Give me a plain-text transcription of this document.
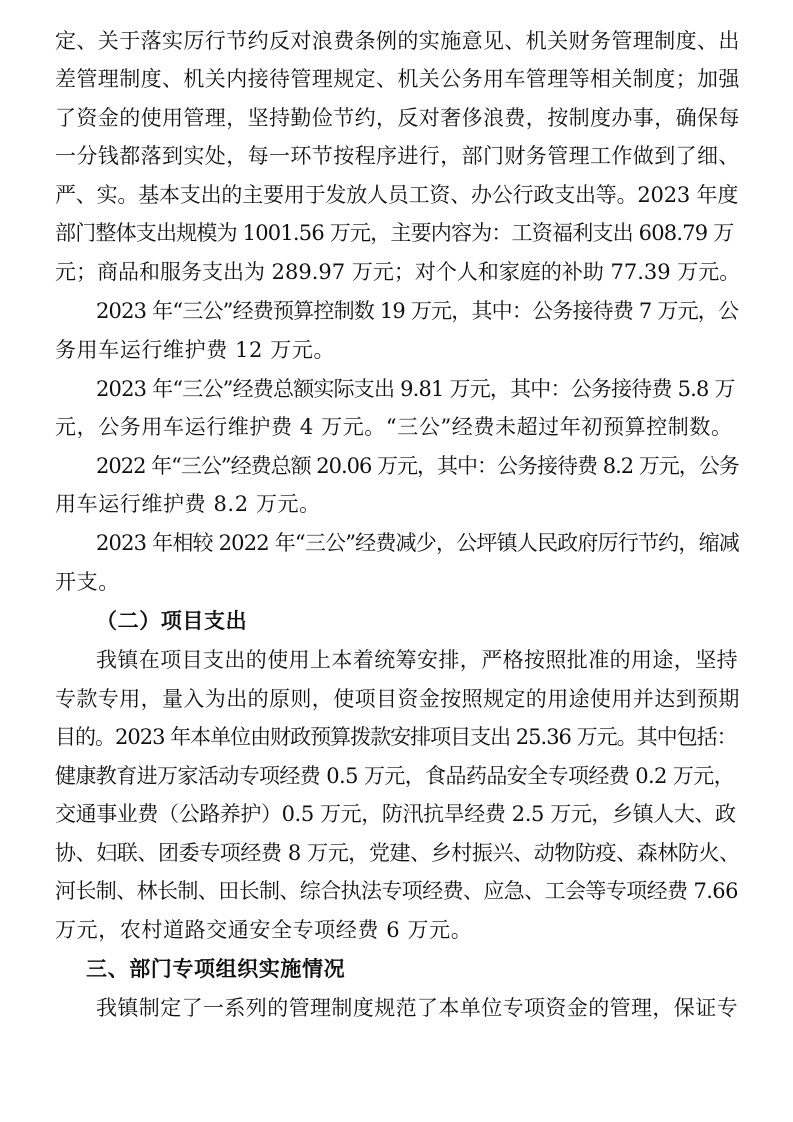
定、关于落实厉行节约反对浪费条例的实施意见、机关财务管理制度、出
差管理制度、机关内接待管理规定、机关公务用车管理等相关制度；加强
了资金的使用管理，坚持勤俭节约，反对奢侈浪费，按制度办事，确保每
一分钱都落到实处，每一环节按程序进行，部门财务管理工作做到了细、
严、实。基本支出的主要用于发放人员工资、办公行政支出等。2023 年度
部门整体支出规模为 1001.56 万元，主要内容为：工资福利支出 608.79 万
元；商品和服务支出为 289.97 万元；对个人和家庭的补助 77.39 万元。
2023 年“三公”经费预算控制数 19 万元，其中：公务接待费 7 万元，公
务用车运行维护费 12 万元。
2023 年“三公”经费总额实际支出 9.81 万元，其中：公务接待费 5.8 万
元，公务用车运行维护费 4 万元。“三公”经费未超过年初预算控制数。
2022 年“三公”经费总额 20.06 万元，其中：公务接待费 8.2 万元，公务
用车运行维护费 8.2 万元。
2023 年相较 2022 年“三公”经费减少，公坪镇人民政府厉行节约，缩减
开支。
（二）项目支出
我镇在项目支出的使用上本着统筹安排，严格按照批准的用途，坚持
专款专用，量入为出的原则，使项目资金按照规定的用途使用并达到预期
目的。2023 年本单位由财政预算拨款安排项目支出 25.36 万元。其中包括：
健康教育进万家活动专项经费 0.5 万元，食品药品安全专项经费 0.2 万元，
交通事业费（公路养护）0.5 万元，防汛抗旱经费 2.5 万元，乡镇人大、政
协、妇联、团委专项经费 8 万元，党建、乡村振兴、动物防疫、森林防火、
河长制、林长制、田长制、综合执法专项经费、应急、工会等专项经费 7.66
万元，农村道路交通安全专项经费 6 万元。
三、部门专项组织实施情况
我镇制定了一系列的管理制度规范了本单位专项资金的管理，保证专
